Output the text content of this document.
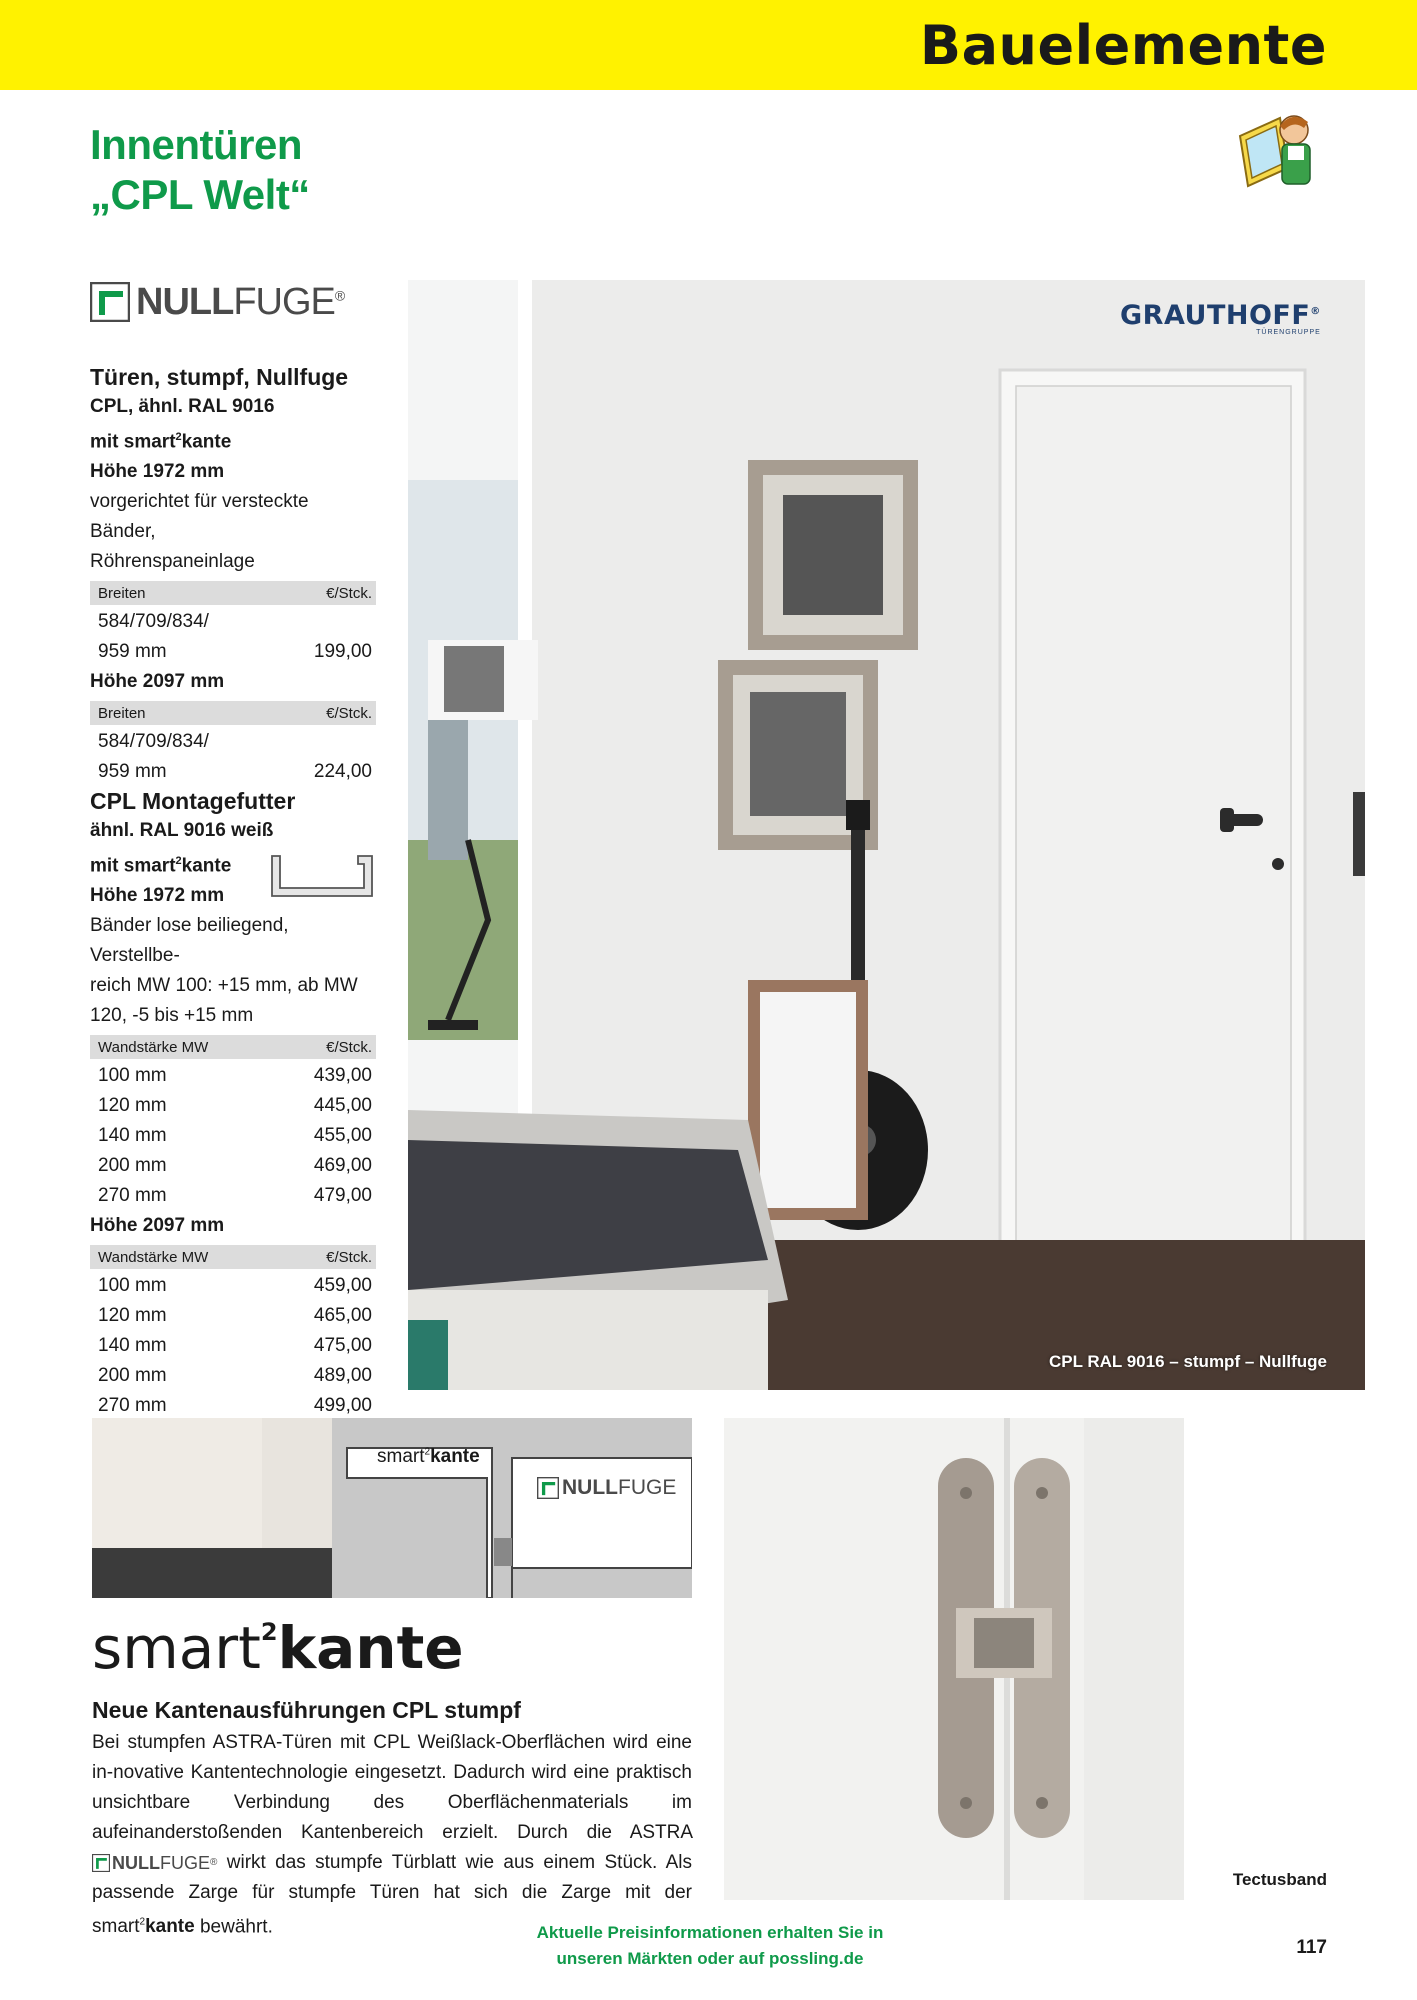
Bauelemente
Innentüren
„CPL Welt“
NULLFUGE®
Türen, stumpf, Nullfuge
CPL, ähnl. RAL 9016
mit smart$^2$kante
Höhe 1972 mm
vorgerichtet für versteckte Bänder,
Röhrenspaneinlage
Breiten	€/Stck.
584/709/834/
959 mm	199,00
Höhe 2097 mm
Breiten	€/Stck.
584/709/834/
959 mm	224,00
CPL Montagefutter
ähnl. RAL 9016 weiß
mit smart$^2$kante
Höhe 1972 mm
Bänder lose beiliegend, Verstellbe-
reich MW 100: +15 mm, ab MW
120, -5 bis +15 mm
Wandstärke MW	€/Stck.
100 mm	439,00
120 mm	445,00
140 mm	455,00
200 mm	469,00
270 mm	479,00
Höhe 2097 mm
Wandstärke MW	€/Stck.
100 mm	459,00
120 mm	465,00
140 mm	475,00
200 mm	489,00
270 mm	499,00
GRAUTHOFF®
TÜRENGRUPPE
CPL RAL 9016 – stumpf – Nullfuge
smart$^2$kante
NULLFUGE
Tectusband
smart$^2$kante
Neue Kantenausführungen CPL stumpf
Bei stumpfen ASTRA-Türen mit CPL Weißlack-Oberflächen wird eine in-novative Kantentechnologie eingesetzt. Dadurch wird eine praktisch unsichtbare Verbindung des Oberflächenmaterials im aufeinanderstoßenden Kantenbereich erzielt. Durch die ASTRA
NULL FUGE ® wirkt das stumpfe Türblatt wie aus einem Stück. Als passende Zarge für stumpfe Türen hat sich die Zarge mit der smart$^2$kante bewährt.	Aktuelle Preisinformationen erhalten Sie in
unseren Märkten oder auf possling.de
117
